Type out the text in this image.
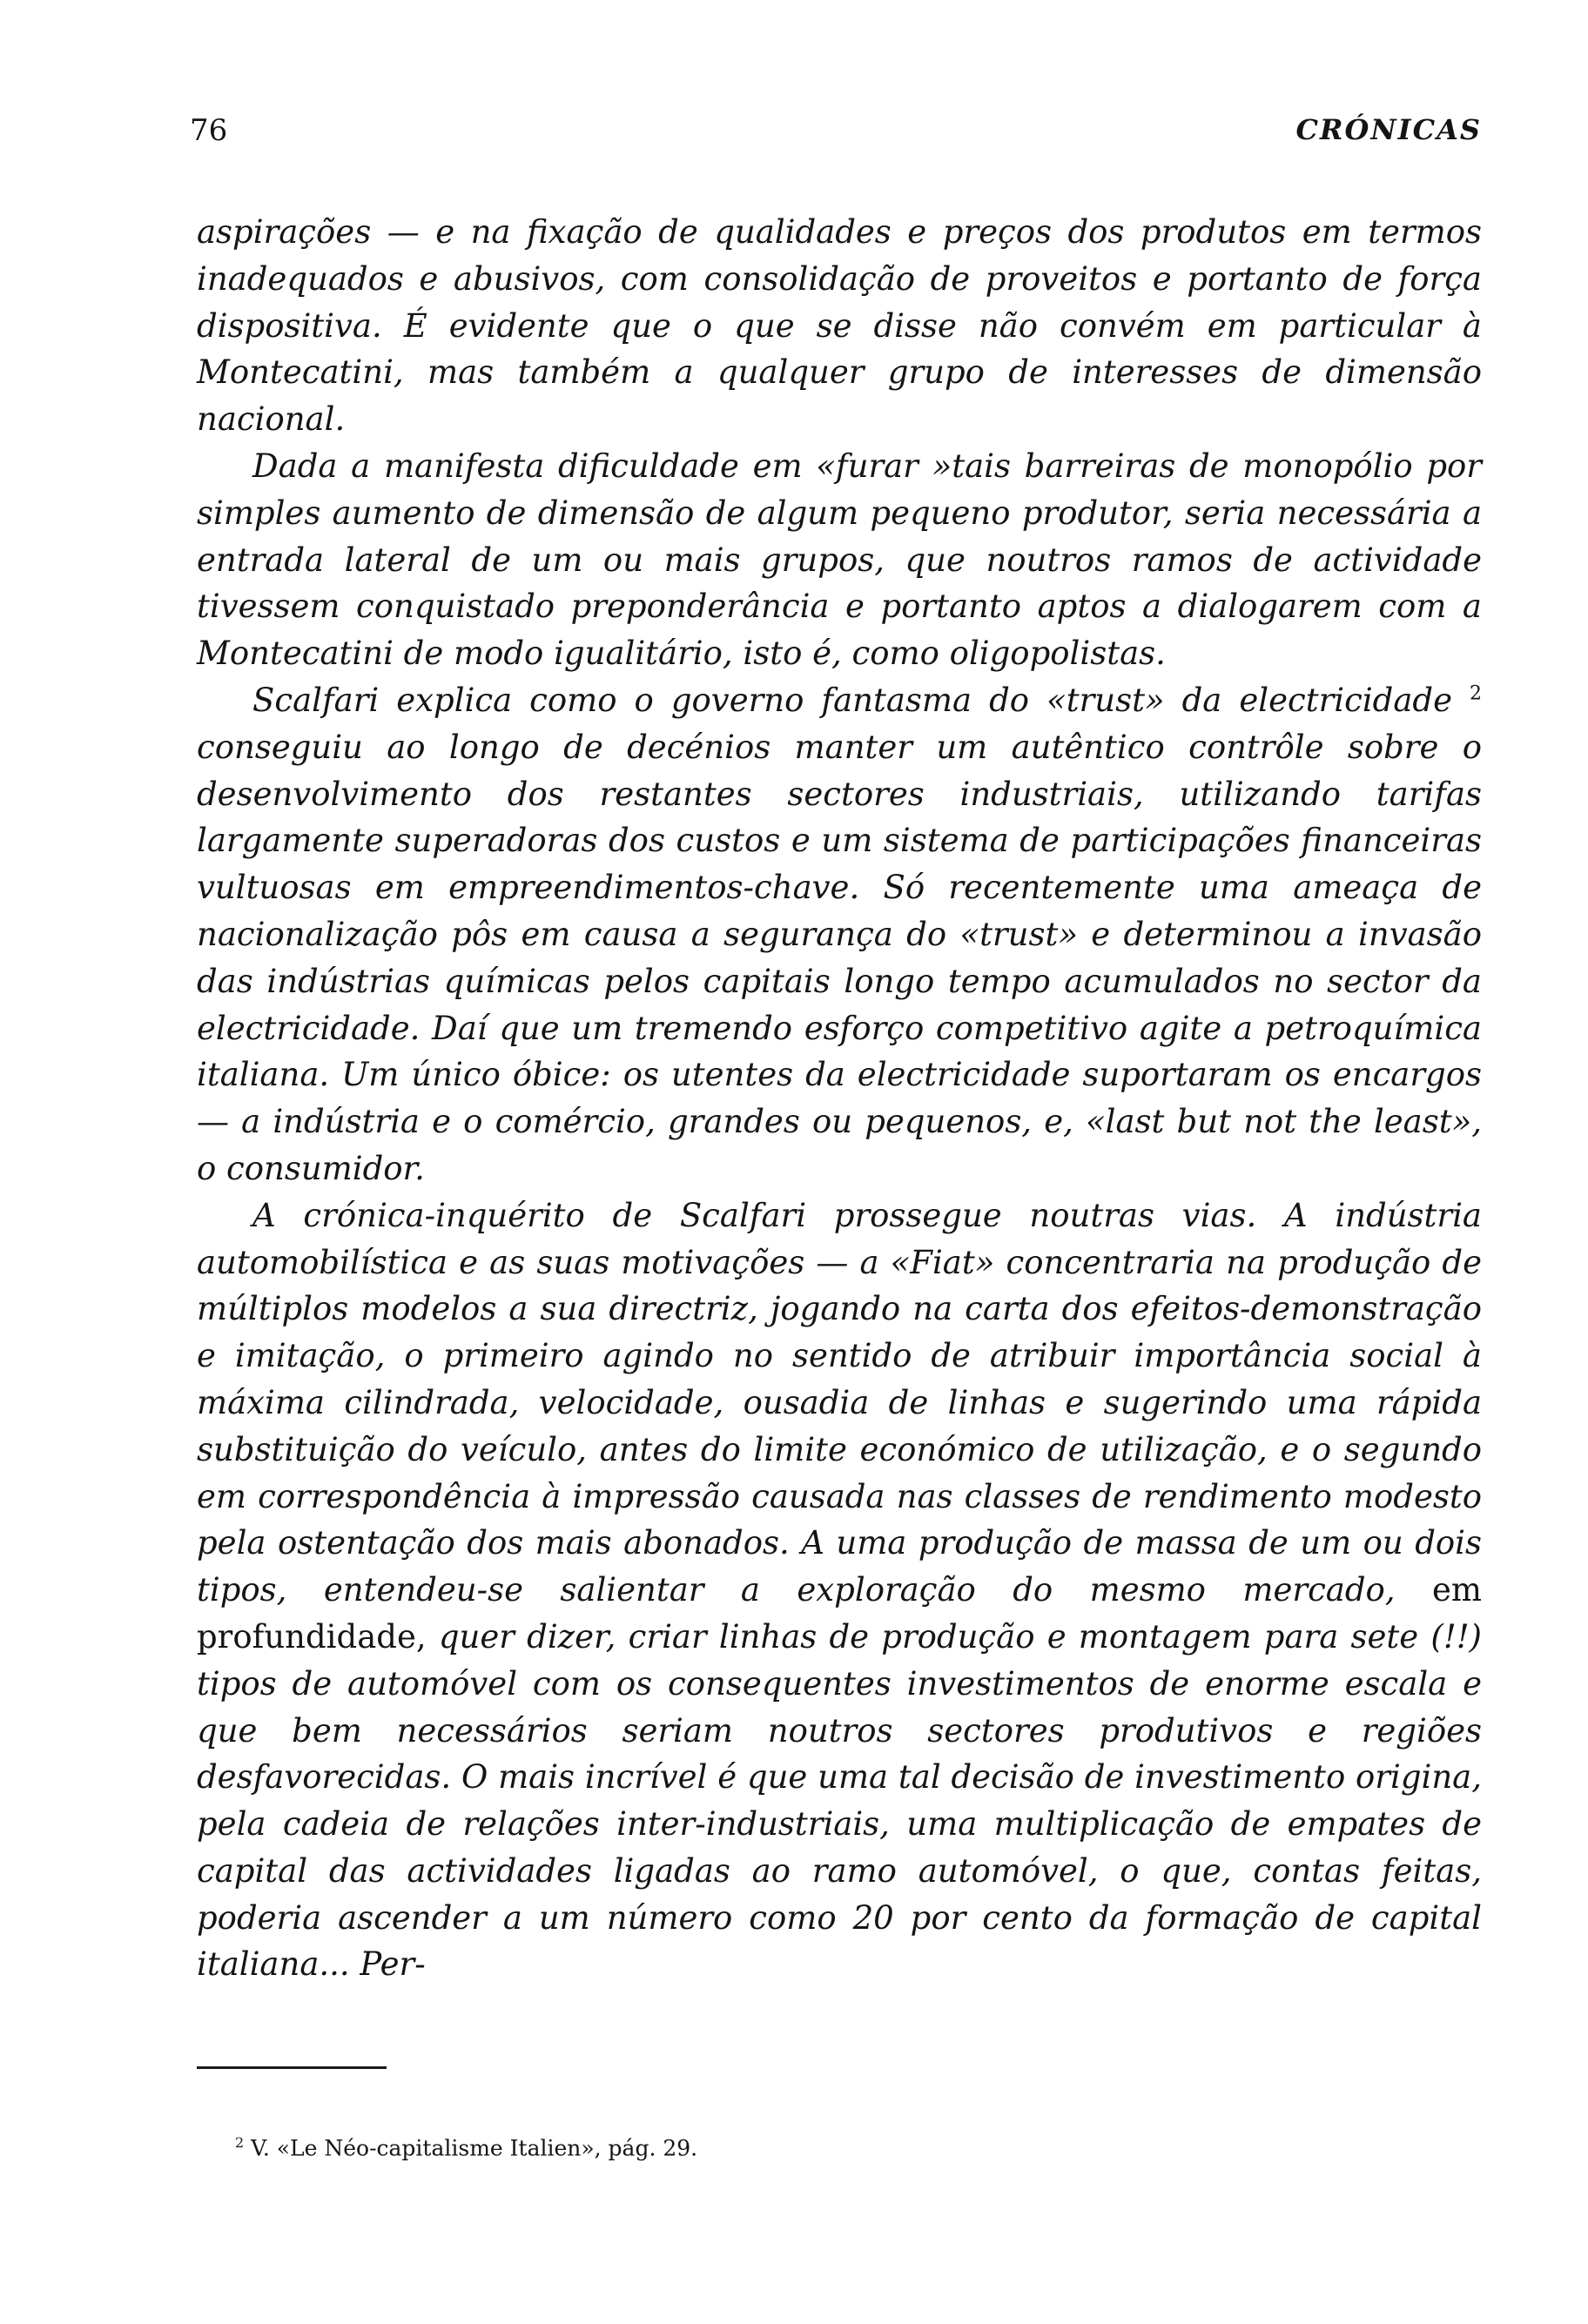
76	CRÓNICAS

aspirações — e na fixação de qualidades e preços dos produtos em termos inadequados e abusivos, com consolidação de proveitos e portanto de força dispositiva. É evidente que o que se disse não convém em particular à Montecatini, mas também a qualquer grupo de interesses de dimensão nacional.

Dada a manifesta dificuldade em «furar »tais barreiras de monopólio por simples aumento de dimensão de algum pequeno produtor, seria necessária a entrada lateral de um ou mais grupos, que noutros ramos de actividade tivessem conquistado preponderância e portanto aptos a dialogarem com a Montecatini de modo igualitário, isto é, como oligopolistas.

Scalfari explica como o governo fantasma do «trust» da electricidade $^2$ conseguiu ao longo de decénios manter um autêntico contrôle sobre o desenvolvimento dos restantes sectores industriais, utilizando tarifas largamente superadoras dos custos e um sistema de participações financeiras vultuosas em empreendimentos-chave. Só recentemente uma ameaça de nacionalização pôs em causa a segurança do «trust» e determinou a invasão das indústrias químicas pelos capitais longo tempo acumulados no sector da electricidade. Daí que um tremendo esforço competitivo agite a petroquímica italiana. Um único óbice: os utentes da electricidade suportaram os encargos — a indústria e o comércio, grandes ou pequenos, e, «last but not the least», o consumidor.

A crónica-inquérito de Scalfari prossegue noutras vias. A indústria automobilística e as suas motivações — a «Fiat» concentraria na produção de múltiplos modelos a sua directriz, jogando na carta dos efeitos-demonstração e imitação, o primeiro agindo no sentido de atribuir importância social à máxima cilindrada, velocidade, ousadia de linhas e sugerindo uma rápida substituição do veículo, antes do limite económico de utilização, e o segundo em correspondência à impressão causada nas classes de rendimento modesto pela ostentação dos mais abonados. A uma produção de massa de um ou dois tipos, entendeu-se salientar a exploração do mesmo mercado, em profundidade, quer dizer, criar linhas de produção e montagem para sete (!!) tipos de automóvel com os consequentes investimentos de enorme escala e que bem necessários seriam noutros sectores produtivos e regiões desfavorecidas. O mais incrível é que uma tal decisão de investimento origina, pela cadeia de relações inter-industriais, uma multiplicação de empates de capital das actividades ligadas ao ramo automóvel, o que, contas feitas, poderia ascender a um número como 20 por cento da formação de capital italiana... Per-

$^2$ V. «Le Néo-capitalisme Italien», pág. 29.
